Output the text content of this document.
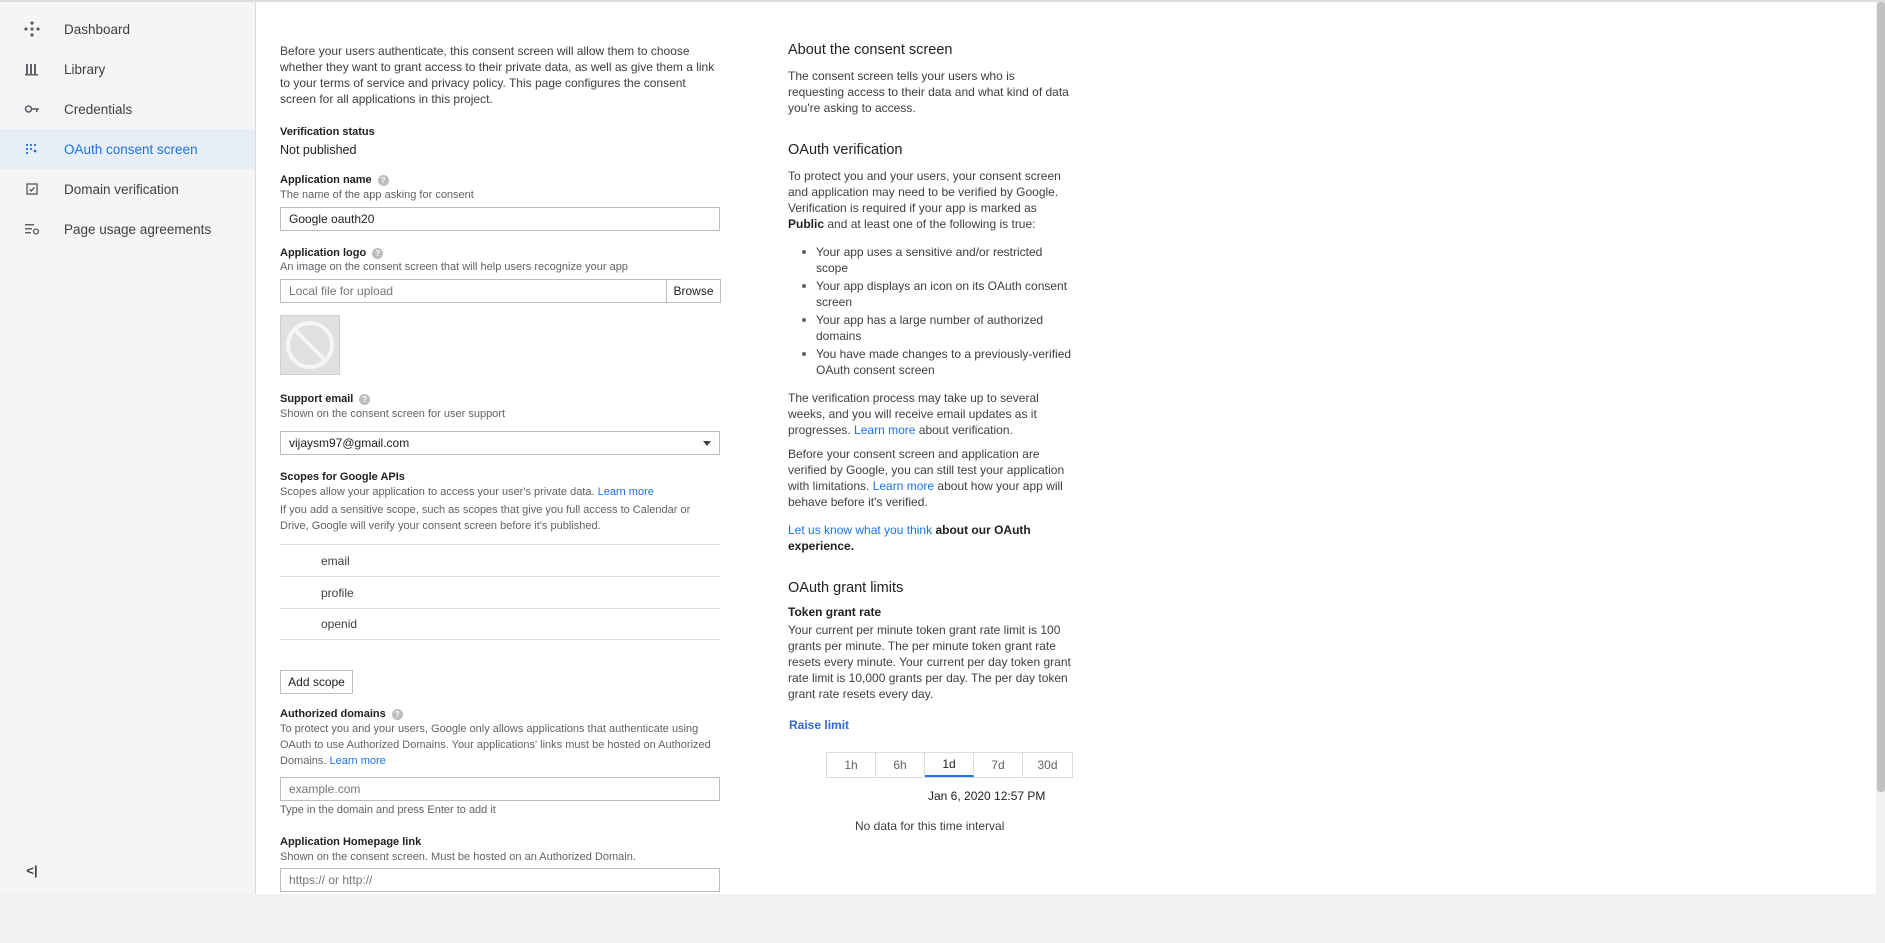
Dashboard
Library
Credentials
OAuth consent screen
Domain verification
Page usage agreements
<|

Before your users authenticate, this consent screen will allow them to choose whether they want to grant access to their private data, as well as give them a link to your terms of service and privacy policy. This page configures the consent screen for all applications in this project.

Verification status
Not published
Application name	?
The name of the app asking for consent
Google oauth20
Application logo	?
An image on the consent screen that will help users recognize your app
Local file for upload	Browse
Support email	?
Shown on the consent screen for user support
vijaysm97@gmail.com
Scopes for Google APIs
Scopes allow your application to access your user's private data. Learn more
If you add a sensitive scope, such as scopes that give you full access to Calendar or Drive, Google will verify your consent screen before it's published.
email
profile
openid
Add scope
Authorized domains	?
To protect you and your users, Google only allows applications that authenticate using OAuth to use Authorized Domains. Your applications' links must be hosted on Authorized Domains. Learn more
example.com
Type in the domain and press Enter to add it
Application Homepage link
Shown on the consent screen. Must be hosted on an Authorized Domain.
https:// or http://
About the consent screen

The consent screen tells your users who is requesting access to their data and what kind of data you're asking to access.

OAuth verification

To protect you and your users, your consent screen and application may need to be verified by Google. Verification is required if your app is marked as Public and at least one of the following is true:

Your app uses a sensitive and/or restricted scope
Your app displays an icon on its OAuth consent screen
Your app has a large number of authorized domains
You have made changes to a previously-verified OAuth consent screen

The verification process may take up to several weeks, and you will receive email updates as it progresses. Learn more about verification.

Before your consent screen and application are verified by Google, you can still test your application with limitations. Learn more about how your app will behave before it's verified.

Let us know what you think about our OAuth experience.

OAuth grant limits
Token grant rate

Your current per minute token grant rate limit is 100 grants per minute. The per minute token grant rate resets every minute. Your current per day token grant rate limit is 10,000 grants per day. The per day token grant rate resets every day.

Raise limit
1h	6h	1d	7d	30d
Jan 6, 2020 12:57 PM
No data for this time interval
